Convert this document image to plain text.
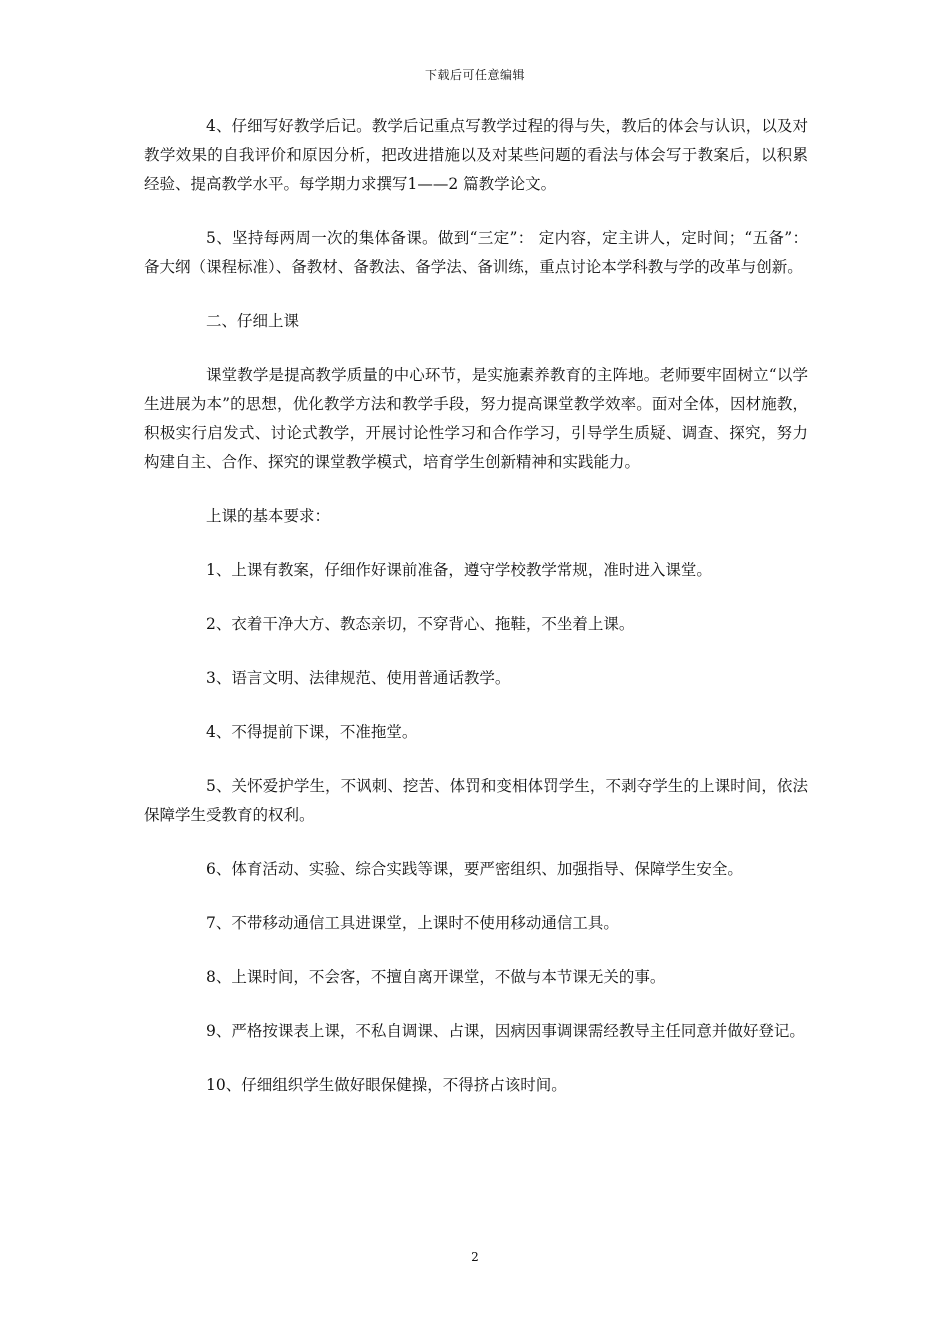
下载后可任意编辑

4、仔细写好教学后记。教学后记重点写教学过程的得与失，教后的体会与认识，以及对教学效果的自我评价和原因分析，把改进措施以及对某些问题的看法与体会写于教案后，以积累经验、提高教学水平。每学期力求撰写1——2 篇教学论文。

5、坚持每两周一次的集体备课。做到“三定”： 定内容，定主讲人，定时间；“五备”：备大纲（课程标准）、备教材、备教法、备学法、备训练，重点讨论本学科教与学的改革与创新。

二、仔细上课

课堂教学是提高教学质量的中心环节，是实施素养教育的主阵地。老师要牢固树立“以学生进展为本”的思想，优化教学方法和教学手段，努力提高课堂教学效率。面对全体，因材施教，积极实行启发式、讨论式教学，开展讨论性学习和合作学习，引导学生质疑、调查、探究，努力构建自主、合作、探究的课堂教学模式，培育学生创新精神和实践能力。

上课的基本要求：

1、上课有教案，仔细作好课前准备，遵守学校教学常规，准时进入课堂。

2、衣着干净大方、教态亲切，不穿背心、拖鞋，不坐着上课。

3、语言文明、法律规范、使用普通话教学。

4、不得提前下课，不准拖堂。

5、关怀爱护学生，不讽刺、挖苦、体罚和变相体罚学生，不剥夺学生的上课时间，依法保障学生受教育的权利。

6、体育活动、实验、综合实践等课，要严密组织、加强指导、保障学生安全。

7、不带移动通信工具进课堂，上课时不使用移动通信工具。

8、上课时间，不会客，不擅自离开课堂，不做与本节课无关的事。

9、严格按课表上课，不私自调课、占课，因病因事调课需经教导主任同意并做好登记。

10、仔细组织学生做好眼保健操，不得挤占该时间。

2
